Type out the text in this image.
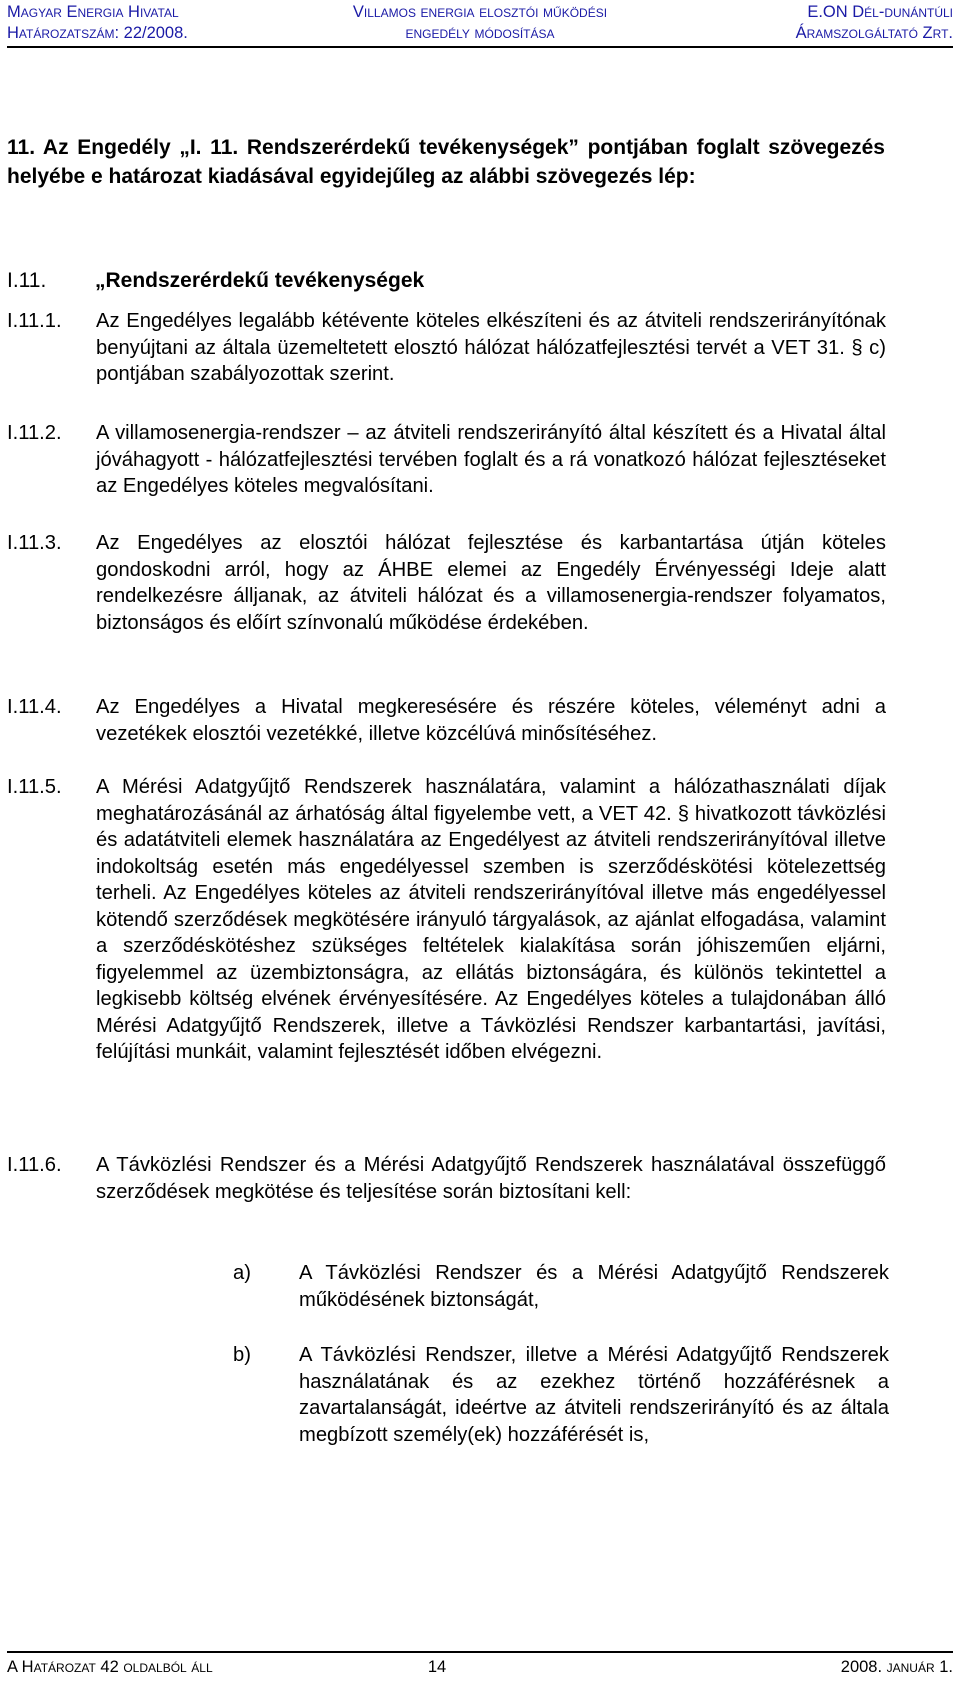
Magyar Energia Hivatal
Határozatszám: 22/2008.
Villamos energia elosztói működési
engedély módosítása
E.ON Dél-dunántúli
Áramszolgáltató Zrt.
11. Az Engedély „I. 11. Rendszerérdekű tevékenységek” pontjában foglalt szövegezés helyébe e határozat kiadásával egyidejűleg az alábbi szövegezés lép:
I.11. „Rendszerérdekű tevékenységek
I.11.1. Az Engedélyes legalább kétévente köteles elkészíteni és az átviteli rendszerirányítónak benyújtani az általa üzemeltetett elosztó hálózat hálózatfejlesztési tervét a VET 31. § c) pontjában szabályozottak szerint.
I.11.2. A villamosenergia-rendszer – az átviteli rendszerirányító által készített és a Hivatal által jóváhagyott - hálózatfejlesztési tervében foglalt és a rá vonatkozó hálózat fejlesztéseket az Engedélyes köteles megvalósítani.
I.11.3. Az Engedélyes az elosztói hálózat fejlesztése és karbantartása útján köteles gondoskodni arról, hogy az ÁHBE elemei az Engedély Érvényességi Ideje alatt rendelkezésre álljanak, az átviteli hálózat és a villamosenergia-rendszer folyamatos, biztonságos és előírt színvonalú működése érdekében.
I.11.4. Az Engedélyes a Hivatal megkeresésére és részére köteles, véleményt adni a vezetékek elosztói vezetékké, illetve közcélúvá minősítéséhez.
I.11.5. A Mérési Adatgyűjtő Rendszerek használatára, valamint a hálózathasználati díjak meghatározásánál az árhatóság által figyelembe vett, a VET 42. § hivatkozott távközlési és adatátviteli elemek használatára az Engedélyest az átviteli rendszerirányítóval illetve indokoltság esetén más engedélyessel szemben is szerződéskötési kötelezettség terheli. Az Engedélyes köteles az átviteli rendszerirányítóval illetve más engedélyessel kötendő szerződések megkötésére irányuló tárgyalások, az ajánlat elfogadása, valamint a szerződéskötéshez szükséges feltételek kialakítása során jóhiszeműen eljárni, figyelemmel az üzembiztonságra, az ellátás biztonságára, és különös tekintettel a legkisebb költség elvének érvényesítésére. Az Engedélyes köteles a tulajdonában álló Mérési Adatgyűjtő Rendszerek, illetve a Távközlési Rendszer karbantartási, javítási, felújítási munkáit, valamint fejlesztését időben elvégezni.
I.11.6. A Távközlési Rendszer és a Mérési Adatgyűjtő Rendszerek használatával összefüggő szerződések megkötése és teljesítése során biztosítani kell:
a) A Távközlési Rendszer és a Mérési Adatgyűjtő Rendszerek működésének biztonságát,
b) A Távközlési Rendszer, illetve a Mérési Adatgyűjtő Rendszerek használatának és az ezekhez történő hozzáférésnek a zavartalanságát, ideértve az átviteli rendszerirányító és az általa megbízott személy(ek) hozzáférését is,
A Határozat 42 oldalból áll	14	2008. január 1.
